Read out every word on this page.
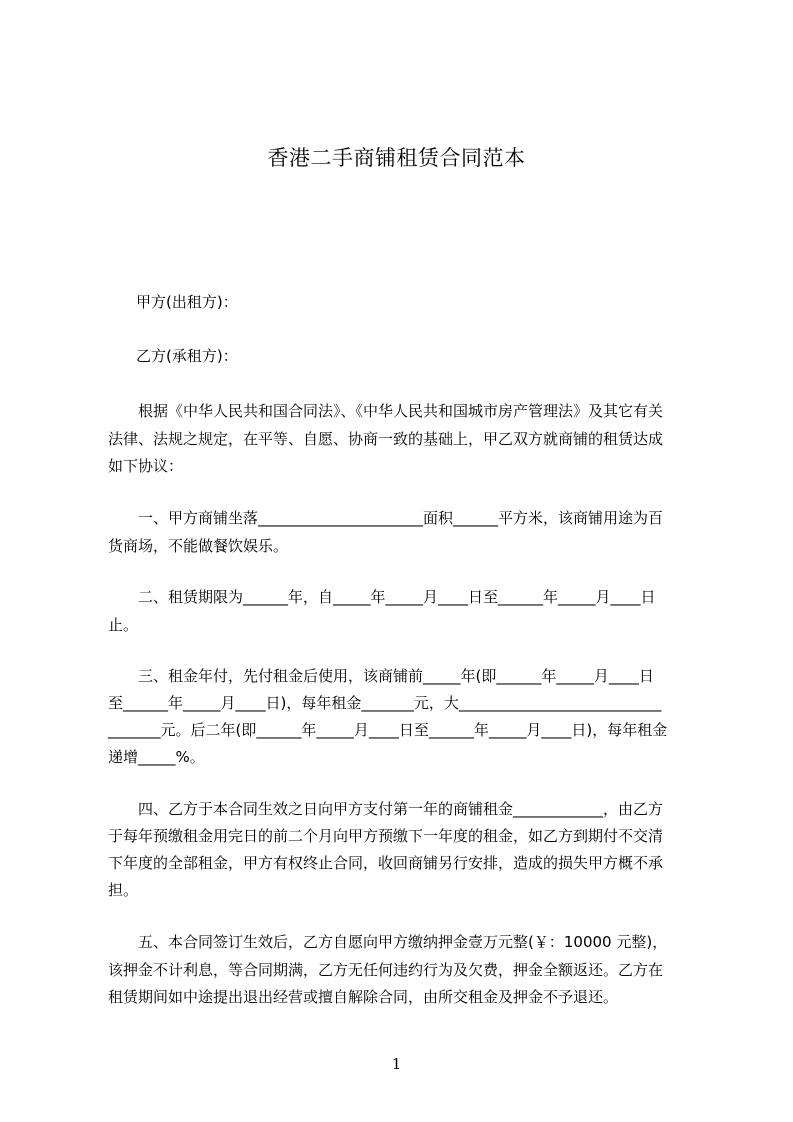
香港二手商铺租赁合同范本
甲方(出租方)：
乙方(承租方)：
根据《中华人民共和国合同法》、《中华人民共和国城市房产管理法》及其它有关
法律、法规之规定，在平等、自愿、协商一致的基础上，甲乙双方就商铺的租赁达成
如下协议：
一、甲方商铺坐落______________________面积______平方米，该商铺用途为百
货商场，不能做餐饮娱乐。
二、租赁期限为______年，自_____年_____月____日至______年_____月____日
止。
三、租金年付，先付租金后使用，该商铺前_____年(即______年_____月____日
至______年_____月____日)，每年租金_______元，大___________________________
_______元。后二年(即______年_____月____日至______年_____月____日)，每年租金
递增_____%。
四、乙方于本合同生效之日向甲方支付第一年的商铺租金____________，由乙方
于每年预缴租金用完日的前二个月向甲方预缴下一年度的租金，如乙方到期付不交清
下年度的全部租金，甲方有权终止合同，收回商铺另行安排，造成的损失甲方概不承
担。
五、本合同签订生效后，乙方自愿向甲方缴纳押金壹万元整(￥：10000 元整)，
该押金不计利息，等合同期满，乙方无任何违约行为及欠费，押金全额返还。乙方在
租赁期间如中途提出退出经营或擅自解除合同，由所交租金及押金不予退还。
1
